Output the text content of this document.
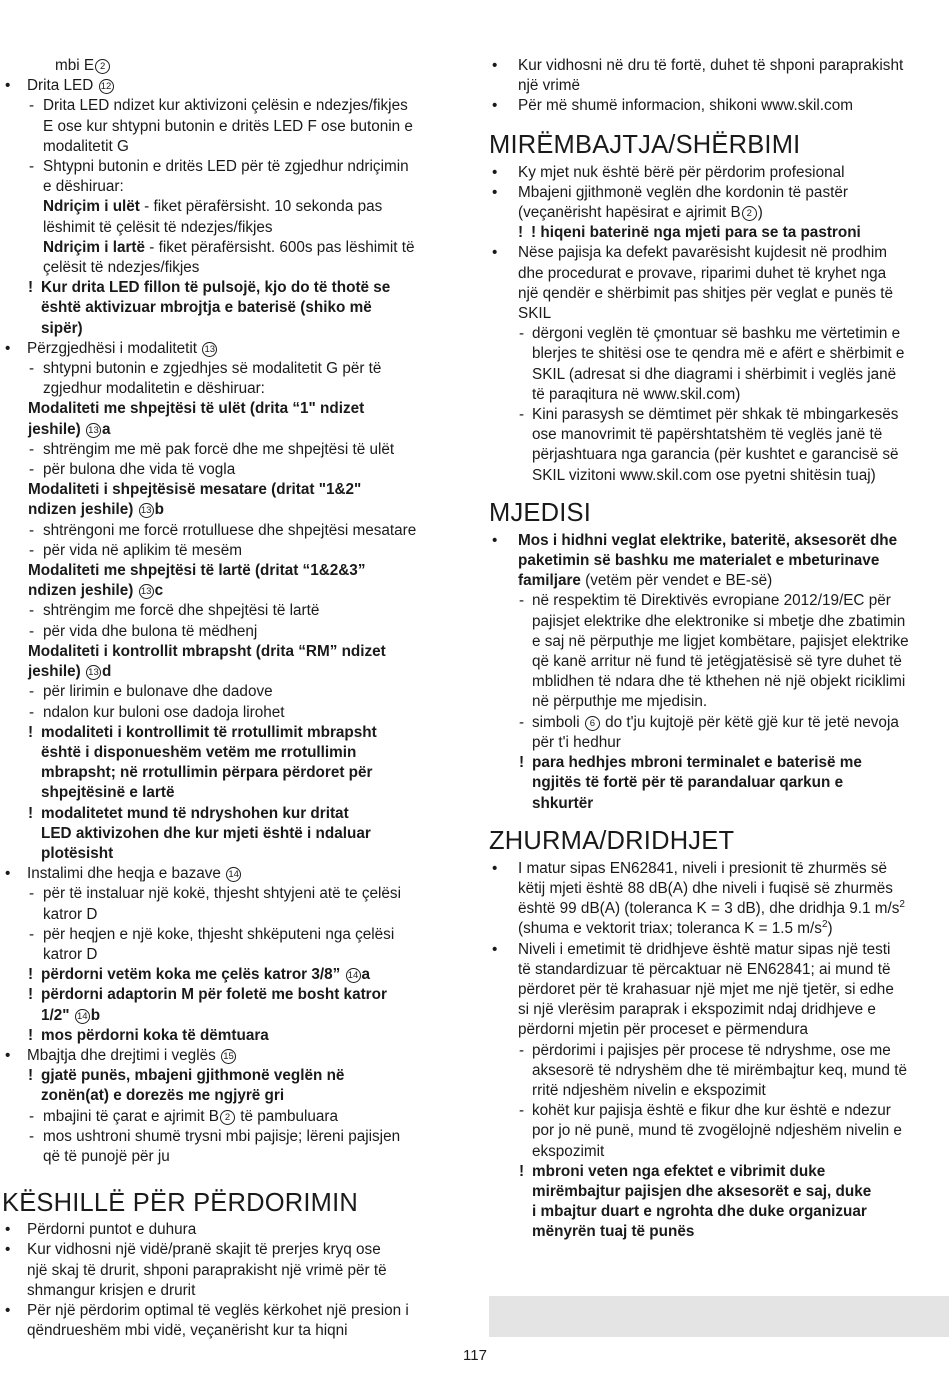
mbi E 2
• Drita LED 12
- Drita LED ndizet kur aktivizoni çelësin e ndezjes/fikjes
E ose kur shtypni butonin e dritës LED F ose butonin e
modalitetit G
- Shtypni butonin e dritës LED për të zgjedhur ndriçimin
e dëshiruar:
Ndriçim i ulët - fiket përafërsisht. 10 sekonda pas
lëshimit të çelësit të ndezjes/fikjes
Ndriçim i lartë - fiket përafërsisht. 600s pas lëshimit të
çelësit të ndezjes/fikjes
! Kur drita LED fillon të pulsojë, kjo do të thotë se
është aktivizuar mbrojtja e baterisë (shiko më
sipër)
• Përzgjedhësi i modalitetit 13
- shtypni butonin e zgjedhjes së modalitetit G për të
zgjedhur modalitetin e dëshiruar:
Modaliteti me shpejtësi të ulët (drita “1" ndizet
jeshile) 13 a
- shtrëngim me më pak forcë dhe me shpejtësi të ulët
- për bulona dhe vida të vogla
Modaliteti i shpejtësisë mesatare (dritat "1&2"
ndizen jeshile) 13 b
- shtrëngoni me forcë rrotulluese dhe shpejtësi mesatare
- për vida në aplikim të mesëm
Modaliteti me shpejtësi të lartë (dritat “1&2&3”
ndizen jeshile) 13 c
- shtrëngim me forcë dhe shpejtësi të lartë
- për vida dhe bulona të mëdhenj
Modaliteti i kontrollit mbrapsht (drita “RM” ndizet
jeshile) 13 d
- për lirimin e bulonave dhe dadove
- ndalon kur buloni ose dadoja lirohet
! modaliteti i kontrollimit të rrotullimit mbrapsht
është i disponueshëm vetëm me rrotullimin
mbrapsht; në rrotullimin përpara përdoret për
shpejtësinë e lartë
! modalitetet mund të ndryshohen kur dritat
LED aktivizohen dhe kur mjeti është i ndaluar
plotësisht
• Instalimi dhe heqja e bazave 14
- për të instaluar një kokë, thjesht shtyjeni atë te çelësi
katror D
- për heqjen e një koke, thjesht shkëputeni nga çelësi
katror D
! përdorni vetëm koka me çelës katror 3/8” 14 a
! përdorni adaptorin M për foletë me bosht katror
1/2" 14 b
! mos përdorni koka të dëmtuara
• Mbajtja dhe drejtimi i veglës 15
! gjatë punës, mbajeni gjithmonë veglën në
zonën(at) e dorezës me ngjyrë gri
- mbajini të çarat e ajrimit B 2 të pambuluara
- mos ushtroni shumë trysni mbi pajisje; lëreni pajisjen
që të punojë për ju
KËSHILLË PËR PËRDORIMIN
• Përdorni puntot e duhura
• Kur vidhosni një vidë/pranë skajit të prerjes kryq ose
një skaj të drurit, shponi paraprakisht një vrimë për të
shmangur krisjen e drurit
• Për një përdorim optimal të veglës kërkohet një presion i
qëndrueshëm mbi vidë, veçanërisht kur ta hiqni
• Kur vidhosni në dru të fortë, duhet të shponi paraprakisht
një vrimë
• Për më shumë informacion, shikoni www.skil.com
MIRËMBAJTJA/SHËRBIMI
• Ky mjet nuk është bërë për përdorim profesional
• Mbajeni gjithmonë veglën dhe kordonin të pastër
(veçanërisht hapësirat e ajrimit B 2 )
! ! hiqeni baterinë nga mjeti para se ta pastroni
• Nëse pajisja ka defekt pavarësisht kujdesit në prodhim
dhe procedurat e provave, riparimi duhet të kryhet nga
një qendër e shërbimit pas shitjes për veglat e punës të
SKIL
- dërgoni veglën të çmontuar së bashku me vërtetimin e
blerjes te shitësi ose te qendra më e afërt e shërbimit e
SKIL (adresat si dhe diagrami i shërbimit i veglës janë
të paraqitura në www.skil.com)
- Kini parasysh se dëmtimet për shkak të mbingarkesës
ose manovrimit të papërshtatshëm të veglës janë të
përjashtuara nga garancia (për kushtet e garancisë së
SKIL vizitoni www.skil.com ose pyetni shitësin tuaj)
MJEDISI
• Mos i hidhni veglat elektrike, bateritë, aksesorët dhe
paketimin së bashku me materialet e mbeturinave
familjare (vetëm për vendet e BE-së)
- në respektim të Direktivës evropiane 2012/19/EC për
pajisjet elektrike dhe elektronike si mbetje dhe zbatimin
e saj në përputhje me ligjet kombëtare, pajisjet elektrike
që kanë arritur në fund të jetëgjatësisë së tyre duhet të
mblidhen të ndara dhe të kthehen në një objekt riciklimi
në përputhje me mjedisin.
- simboli 6 do t'ju kujtojë për këtë gjë kur të jetë nevoja
për t'i hedhur
! para hedhjes mbroni terminalet e baterisë me
ngjitës të fortë për të parandaluar qarkun e
shkurtër
ZHURMA/DRIDHJET
• I matur sipas EN62841, niveli i presionit të zhurmës së
këtij mjeti është 88 dB(A) dhe niveli i fuqisë së zhurmës
është 99 dB(A) (toleranca K = 3 dB), dhe dridhja 9.1 $m/s^2$
(shuma e vektorit triax; toleranca K = 1.5 $m/s^2$)
• Niveli i emetimit të dridhjeve është matur sipas një testi
të standardizuar të përcaktuar në EN62841; ai mund të
përdoret për të krahasuar një mjet me një tjetër, si edhe
si një vlerësim paraprak i ekspozimit ndaj dridhjeve e
përdorni mjetin për proceset e përmendura
- përdorimi i pajisjes për procese të ndryshme, ose me
aksesorë të ndryshëm dhe të mirëmbajtur keq, mund të
rritë ndjeshëm nivelin e ekspozimit
- kohët kur pajisja është e fikur dhe kur është e ndezur
por jo në punë, mund të zvogëlojnë ndjeshëm nivelin e
ekspozimit
! mbroni veten nga efektet e vibrimit duke
mirëmbajtur pajisjen dhe aksesorët e saj, duke
i mbajtur duart e ngrohta dhe duke organizuar
mënyrën tuaj të punës
117
